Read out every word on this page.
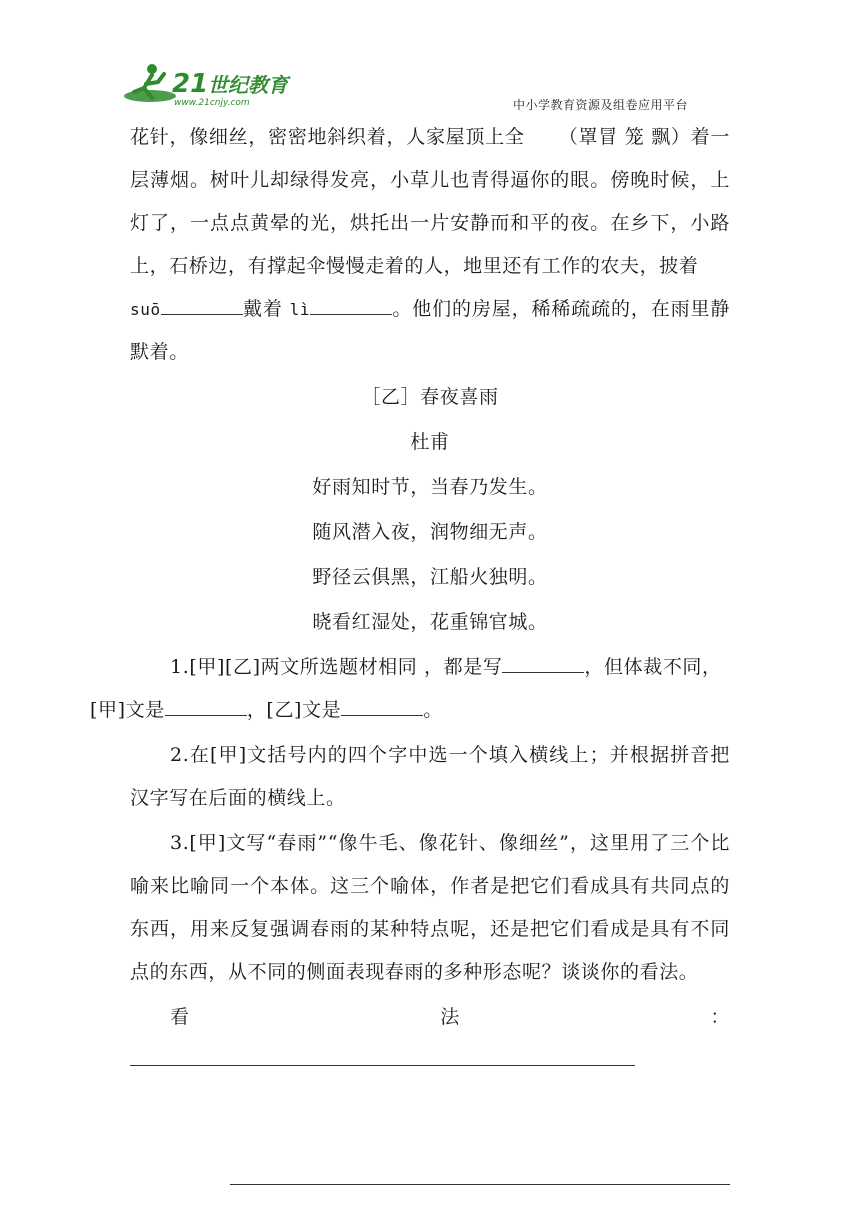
21 世纪教育
www.21cnjy.com	中小学教育资源及组卷应用平台

花针，像细丝，密密地斜织着，人家屋顶上全 （罩冒 笼 飘）着一层薄烟。树叶儿却绿得发亮，小草儿也青得逼你的眼。傍晚时候，上灯了，一点点黄晕的光，烘托出一片安静而和平的夜。在乡下，小路上，石桥边，有撑起伞慢慢走着的人，地里还有工作的农夫，披着
suō	戴着 lì	。他们的房屋，稀稀疏疏的，在雨里静默着。

［乙］春夜喜雨

杜甫

好雨知时节，当春乃发生。

随风潜入夜，润物细无声。

野径云俱黑，江船火独明。

晓看红湿处，花重锦官城。

1.[甲][乙]两文所选题材相同 ，都是写	，但体裁不同，
[甲]文是	，[乙]文是	。

2.在[甲]文括号内的四个字中选一个填入横线上；并根据拼音把汉字写在后面的横线上。

3.[甲]文写“春雨”“像牛毛、像花针、像细丝”，这里用了三个比喻来比喻同一个本体。这三个喻体，作者是把它们看成具有共同点的东西，用来反复强调春雨的某种特点呢，还是把它们看成是具有不同点的东西，从不同的侧面表现春雨的多种形态呢？谈谈你的看法。

看法：
